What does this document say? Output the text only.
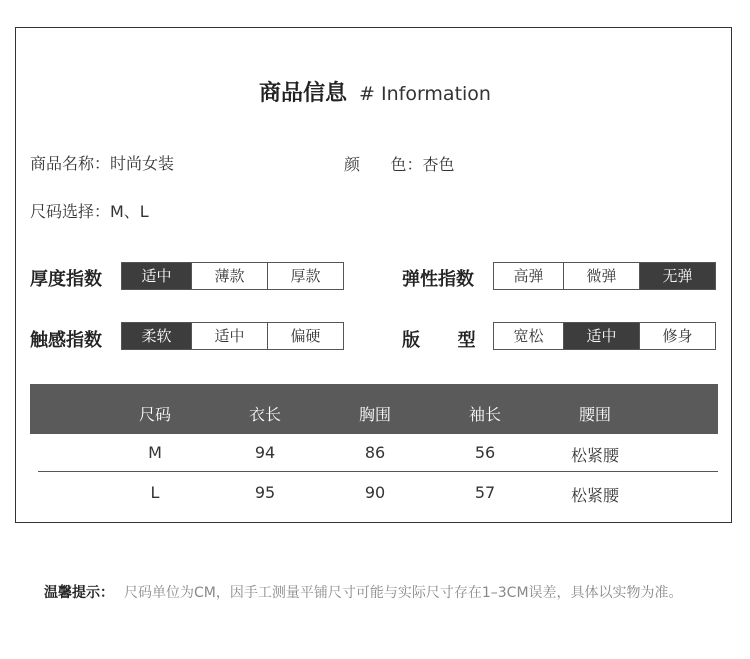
商品信息 # Information
商品名称：时尚女装	颜      色：杏色
尺码选择：M、L
厚度指数	适中	薄款	厚款	弹性指数	高弹	微弹	无弹
触感指数	柔软	适中	偏硬	版      型	宽松	适中	修身
尺码	衣长	胸围	袖长	腰围
M	94	86	56	松紧腰
L	95	90	57	松紧腰
温馨提示： 尺码单位为CM，因手工测量平铺尺寸可能与实际尺寸存在1–3CM误差，具体以实物为准。
